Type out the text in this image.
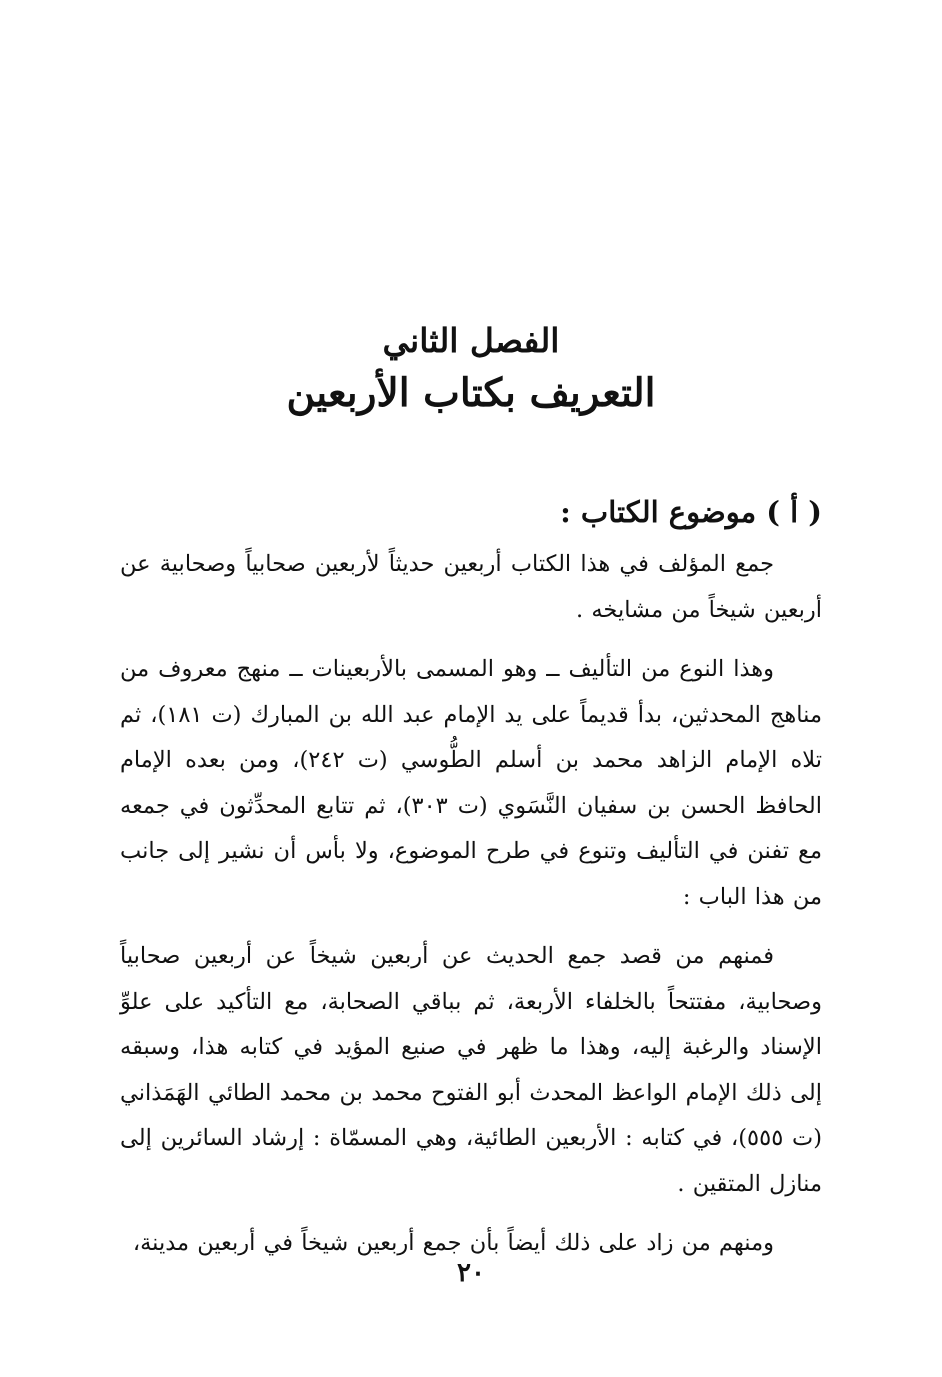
الفصل الثاني
التعريف بكتاب الأربعين
( أ ) موضوع الكتاب :

جمع المؤلف في هذا الكتاب أربعين حديثاً لأربعين صحابياً وصحابية عن أربعين شيخاً من مشايخه .

وهذا النوع من التأليف ــ وهو المسمى بالأربعينات ــ منهج معروف من مناهج المحدثين، بدأ قديماً على يد الإمام عبد الله بن المبارك (ت ١٨١)، ثم تلاه الإمام الزاهد محمد بن أسلم الطُّوسي (ت ٢٤٢)، ومن بعده الإمام الحافظ الحسن بن سفيان النَّسَوي (ت ٣٠٣)، ثم تتابع المحدِّثون في جمعه مع تفنن في التأليف وتنوع في طرح الموضوع، ولا بأس أن نشير إلى جانب من هذا الباب :

فمنهم من قصد جمع الحديث عن أربعين شيخاً عن أربعين صحابياً وصحابية، مفتتحاً بالخلفاء الأربعة، ثم بباقي الصحابة، مع التأكيد على علوِّ الإسناد والرغبة إليه، وهذا ما ظهر في صنيع المؤيد في كتابه هذا، وسبقه إلى ذلك الإمام الواعظ المحدث أبو الفتوح محمد بن محمد الطائي الهَمَذاني (ت ٥٥٥)، في كتابه : الأربعين الطائية، وهي المسمّاة : إرشاد السائرين إلى منازل المتقين .

ومنهم من زاد على ذلك أيضاً بأن جمع أربعين شيخاً في أربعين مدينة،

٢٠
